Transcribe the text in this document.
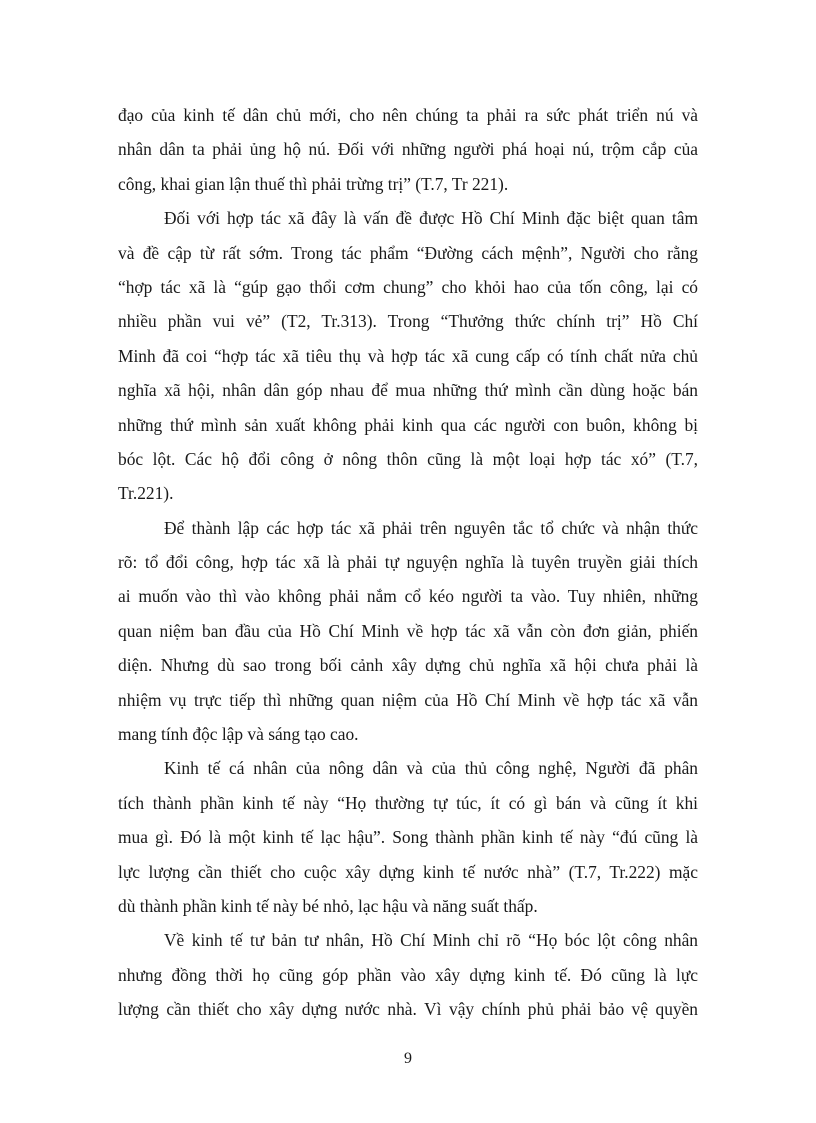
đạo của kinh tế dân chủ mới, cho nên chúng ta phải ra sức phát triển nú và
nhân dân ta phải ủng hộ nú. Đối với những người phá hoại nú, trộm cắp của
công, khai gian lận thuế thì phải trừng trị” (T.7, Tr 221).
Đối với hợp tác xã đây là vấn đề được Hồ Chí Minh đặc biệt quan tâm
và đề cập từ rất sớm. Trong tác phẩm “Đường cách mệnh”, Người cho rằng
“hợp tác xã là “gúp gạo thổi cơm chung” cho khỏi hao của tốn công, lại có
nhiều phần vui vẻ” (T2, Tr.313). Trong “Thưởng thức chính trị” Hồ Chí
Minh đã coi “hợp tác xã tiêu thụ và hợp tác xã cung cấp có tính chất nửa chủ
nghĩa xã hội, nhân dân góp nhau để mua những thứ mình cần dùng hoặc bán
những thứ mình sản xuất không phải kinh qua các người con buôn, không bị
bóc lột. Các hộ đổi công ở nông thôn cũng là một loại hợp tác xó” (T.7,
Tr.221).
Để thành lập các hợp tác xã phải trên nguyên tắc tổ chức và nhận thức
rõ: tổ đổi công, hợp tác xã là phải tự nguyện nghĩa là tuyên truyền giải thích
ai muốn vào thì vào không phải nắm cổ kéo người ta vào. Tuy nhiên, những
quan niệm ban đầu của Hồ Chí Minh về hợp tác xã vẫn còn đơn giản, phiến
diện. Nhưng dù sao trong bối cảnh xây dựng chủ nghĩa xã hội chưa phải là
nhiệm vụ trực tiếp thì những quan niệm của Hồ Chí Minh về hợp tác xã vẫn
mang tính độc lập và sáng tạo cao.
Kinh tế cá nhân của nông dân và của thủ công nghệ, Người đã phân
tích thành phần kinh tế này “Họ thường tự túc, ít có gì bán và cũng ít khi
mua gì. Đó là một kinh tế lạc hậu”. Song thành phần kinh tế này “đú cũng là
lực lượng cần thiết cho cuộc xây dựng kinh tế nước nhà” (T.7, Tr.222) mặc
dù thành phần kinh tế này bé nhỏ, lạc hậu và năng suất thấp.
Về kinh tế tư bản tư nhân, Hồ Chí Minh chỉ rõ “Họ bóc lột công nhân
nhưng đồng thời họ cũng góp phần vào xây dựng kinh tế. Đó cũng là lực
lượng cần thiết cho xây dựng nước nhà. Vì vậy chính phủ phải bảo vệ quyền
9
